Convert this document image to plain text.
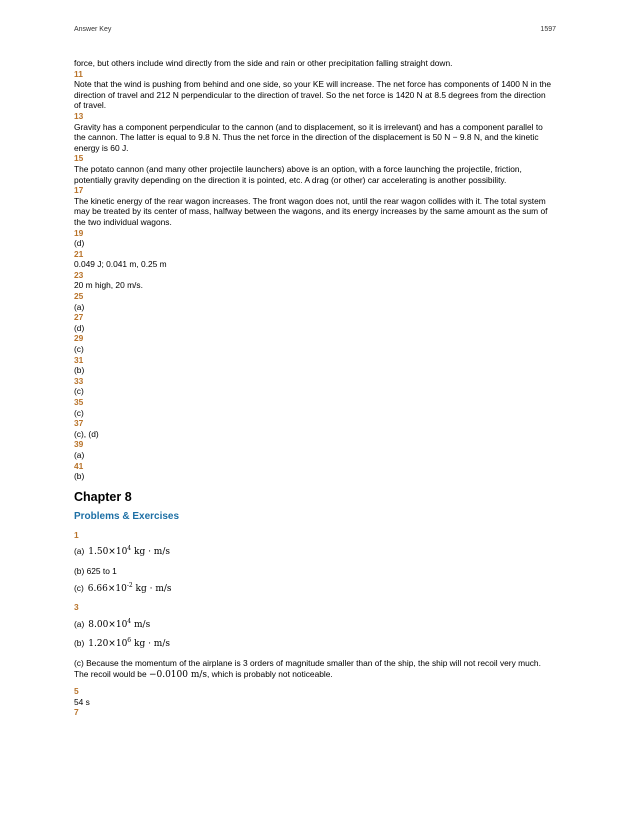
Answer Key	1597

force, but others include wind directly from the side and rain or other precipitation falling straight down.

11

Note that the wind is pushing from behind and one side, so your KE will increase. The net force has components of 1400 N in the direction of travel and 212 N perpendicular to the direction of travel. So the net force is 1420 N at 8.5 degrees from the direction of travel.

13

Gravity has a component perpendicular to the cannon (and to displacement, so it is irrelevant) and has a component parallel to the cannon. The latter is equal to 9.8 N. Thus the net force in the direction of the displacement is 50 N − 9.8 N, and the kinetic energy is 60 J.

15

The potato cannon (and many other projectile launchers) above is an option, with a force launching the projectile, friction, potentially gravity depending on the direction it is pointed, etc. A drag (or other) car accelerating is another possibility.

17

The kinetic energy of the rear wagon increases. The front wagon does not, until the rear wagon collides with it. The total system may be treated by its center of mass, halfway between the wagons, and its energy increases by the same amount as the sum of the two individual wagons.

19

(d)

21

0.049 J; 0.041 m, 0.25 m

23

20 m high, 20 m/s.

25

(a)

27

(d)

29

(c)

31

(b)

33

(c)

35

(c)

37

(c), (d)

39

(a)

41

(b)

Chapter 8
Problems & Exercises
1
(a) $1.50\times 10^4$ kg · m/s

(b) 625 to 1

(c) $6.66\times 10^{-2}$ kg · m/s
3
(a) $8.00\times 10^4$ m/s
(b) $1.20\times 10^6$ kg · m/s

(c) Because the momentum of the airplane is 3 orders of magnitude smaller than of the ship, the ship will not recoil very much. The recoil would be −0.0100 m/s, which is probably not noticeable.

5

54 s

7
